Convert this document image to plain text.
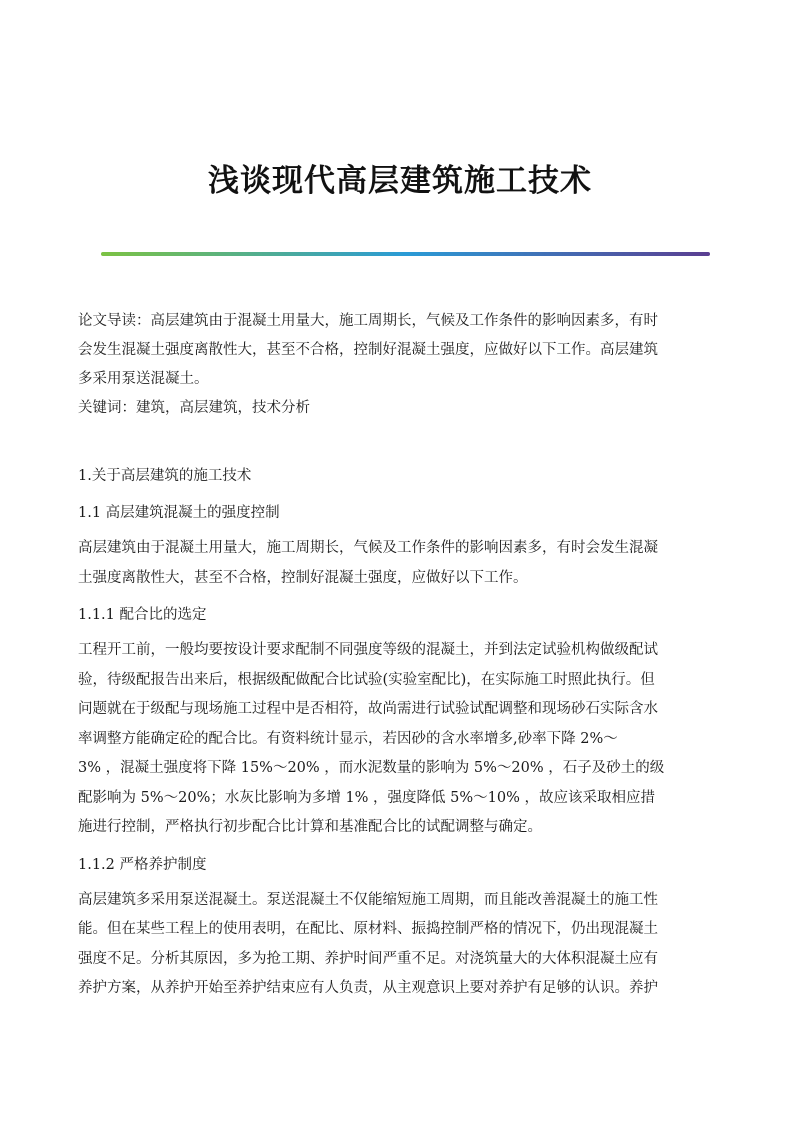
浅谈现代高层建筑施工技术

论文导读：高层建筑由于混凝土用量大，施工周期长，气候及工作条件的影响因素多，有时
会发生混凝土强度离散性大，甚至不合格，控制好混凝土强度，应做好以下工作。高层建筑
多采用泵送混凝土。

关键词：建筑，高层建筑，技术分析

1.关于高层建筑的施工技术

1.1 高层建筑混凝土的强度控制

高层建筑由于混凝土用量大，施工周期长，气候及工作条件的影响因素多，有时会发生混凝
土强度离散性大，甚至不合格，控制好混凝土强度，应做好以下工作。

1.1.1 配合比的选定

工程开工前，一般均要按设计要求配制不同强度等级的混凝土，并到法定试验机构做级配试
验，待级配报告出来后，根据级配做配合比试验(实验室配比)，在实际施工时照此执行。但
问题就在于级配与现场施工过程中是否相符，故尚需进行试验试配调整和现场砂石实际含水
率调整方能确定砼的配合比。有资料统计显示，若因砂的含水率增多,砂率下降 2%～
3% ，混凝土强度将下降 15%～20% ，而水泥数量的影响为 5%～20% ，石子及砂土的级
配影响为 5%～20%；水灰比影响为多增 1% ，强度降低 5%～10% ，故应该采取相应措
施进行控制，严格执行初步配合比计算和基准配合比的试配调整与确定。

1.1.2 严格养护制度

高层建筑多采用泵送混凝土。泵送混凝土不仅能缩短施工周期，而且能改善混凝土的施工性
能。但在某些工程上的使用表明，在配比、原材料、振捣控制严格的情况下，仍出现混凝土
强度不足。分析其原因，多为抢工期、养护时间严重不足。对浇筑量大的大体积混凝土应有
养护方案，从养护开始至养护结束应有人负责，从主观意识上要对养护有足够的认识。养护
